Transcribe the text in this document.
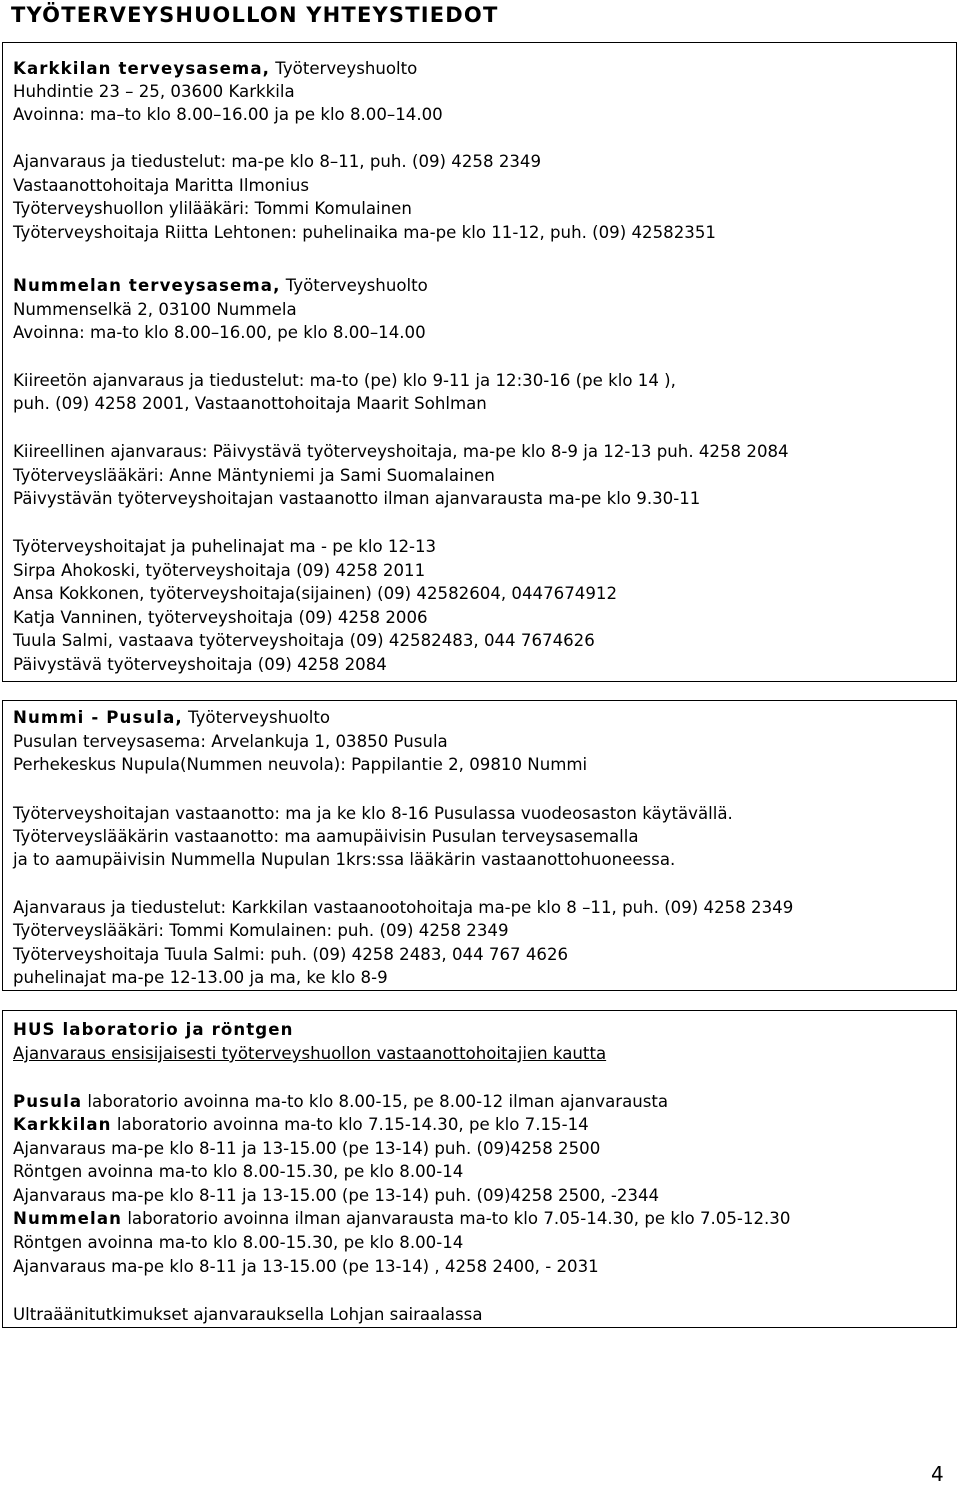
TYÖTERVEYSHUOLLON YHTEYSTIEDOT
Karkkilan terveysasema, Työterveyshuolto
Huhdintie 23 – 25, 03600 Karkkila
Avoinna: ma–to klo 8.00–16.00 ja pe klo 8.00–14.00
Ajanvaraus ja tiedustelut: ma-pe klo 8–11, puh. (09) 4258 2349
Vastaanottohoitaja Maritta Ilmonius
Työterveyshuollon ylilääkäri: Tommi Komulainen
Työterveyshoitaja Riitta Lehtonen: puhelinaika ma-pe klo 11-12, puh. (09) 42582351
Nummelan terveysasema, Työterveyshuolto
Nummenselkä 2, 03100 Nummela
Avoinna: ma-to klo 8.00–16.00, pe klo 8.00–14.00
Kiireetön ajanvaraus ja tiedustelut: ma-to (pe) klo 9-11 ja 12:30-16 (pe klo 14 ),
puh. (09) 4258 2001, Vastaanottohoitaja Maarit Sohlman
Kiireellinen ajanvaraus: Päivystävä työterveyshoitaja, ma-pe klo 8-9 ja 12-13 puh. 4258 2084
Työterveyslääkäri: Anne Mäntyniemi ja Sami Suomalainen
Päivystävän työterveyshoitajan vastaanotto ilman ajanvarausta ma-pe klo 9.30-11
Työterveyshoitajat ja puhelinajat ma - pe klo 12-13
Sirpa Ahokoski, työterveyshoitaja (09) 4258 2011
Ansa Kokkonen, työterveyshoitaja(sijainen) (09) 42582604, 0447674912
Katja Vanninen, työterveyshoitaja (09) 4258 2006
Tuula Salmi, vastaava työterveyshoitaja (09) 42582483, 044 7674626
Päivystävä työterveyshoitaja (09) 4258 2084
Nummi - Pusula, Työterveyshuolto
Pusulan terveysasema: Arvelankuja 1, 03850 Pusula
Perhekeskus Nupula(Nummen neuvola): Pappilantie 2, 09810 Nummi
Työterveyshoitajan vastaanotto: ma ja ke klo 8-16 Pusulassa vuodeosaston käytävällä.
Työterveyslääkärin vastaanotto: ma aamupäivisin Pusulan terveysasemalla
ja to aamupäivisin Nummella Nupulan 1krs:ssa lääkärin vastaanottohuoneessa.
Ajanvaraus ja tiedustelut: Karkkilan vastaanootohoitaja ma-pe klo 8 –11, puh. (09) 4258 2349
Työterveyslääkäri: Tommi Komulainen: puh. (09) 4258 2349
Työterveyshoitaja Tuula Salmi: puh. (09) 4258 2483, 044 767 4626
puhelinajat ma-pe 12-13.00 ja ma, ke klo 8-9
HUS laboratorio ja röntgen
Ajanvaraus ensisijaisesti työterveyshuollon vastaanottohoitajien kautta
Pusula laboratorio avoinna ma-to klo 8.00-15, pe 8.00-12 ilman ajanvarausta
Karkkilan laboratorio avoinna ma-to klo 7.15-14.30, pe klo 7.15-14
Ajanvaraus ma-pe klo 8-11 ja 13-15.00 (pe 13-14) puh. (09)4258 2500
Röntgen avoinna ma-to klo 8.00-15.30, pe klo 8.00-14
Ajanvaraus ma-pe klo 8-11 ja 13-15.00 (pe 13-14) puh. (09)4258 2500, -2344
Nummelan laboratorio avoinna ilman ajanvarausta ma-to klo 7.05-14.30, pe klo 7.05-12.30
Röntgen avoinna ma-to klo 8.00-15.30, pe klo 8.00-14
Ajanvaraus ma-pe klo 8-11 ja 13-15.00 (pe 13-14) , 4258 2400, - 2031
Ultraäänitutkimukset ajanvarauksella Lohjan sairaalassa
4
